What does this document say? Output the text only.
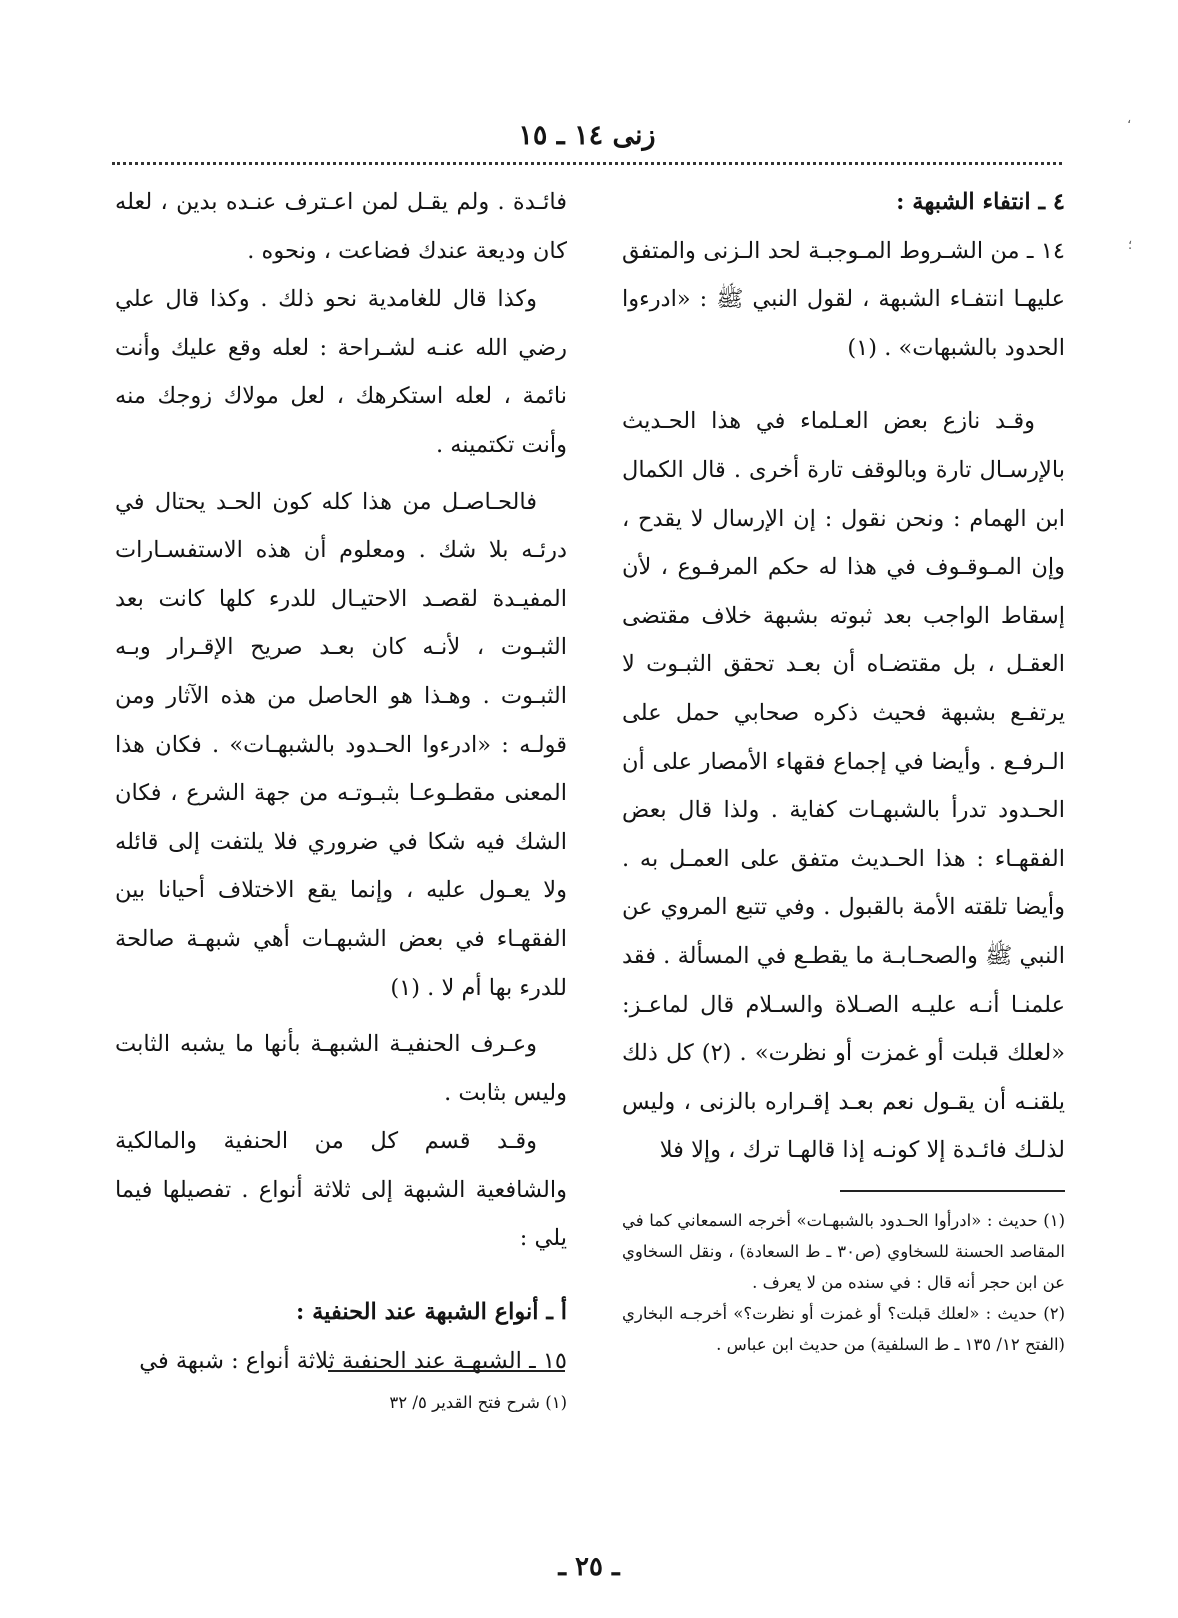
زنى ١٤ ـ ١٥
،
؛

٤ ـ انتفاء الشبهة :

١٤ ـ من الشـروط المـوجبـة لحد الـزنى والمتفق عليهـا انتفـاء الشبهة ، لقول النبي ﷺ : «ادرءوا الحدود بالشبهات» . (١)

وقـد نازع بعض العـلماء في هذا الحـديث بالإرسـال تارة وبالوقف تارة أخرى . قال الكمال ابن الهمام : ونحن نقول : إن الإرسال لا يقدح ، وإن المـوقـوف في هذا له حكم المرفـوع ، لأن إسقاط الواجب بعد ثبوته بشبهة خلاف مقتضى العقـل ، بل مقتضـاه أن بعـد تحقق الثبـوت لا يرتفـع بشبهة فحيث ذكره صحابي حمل على الـرفـع . وأيضا في إجماع فقهاء الأمصار على أن الحـدود تدرأ بالشبهـات كفاية . ولذا قال بعض الفقهـاء : هذا الحـديث متفق على العمـل به . وأيضا تلقته الأمة بالقبول . وفي تتبع المروي عن النبي ﷺ والصحـابـة ما يقطـع في المسألة . فقد علمنـا أنـه عليـه الصـلاة والسـلام قال لماعـز: «لعلك قبلت أو غمزت أو نظرت» . (٢) كل ذلك يلقنـه أن يقـول نعم بعـد إقـراره بالزنى ، وليس لذلـك فائـدة إلا كونـه إذا قالهـا ترك ، وإلا فلا

(١) حديث : «ادرأوا الحـدود بالشبهـات» أخرجه السمعاني كما في المقاصد الحسنة للسخاوي (ص٣٠ ـ ط السعادة) ، ونقل السخاوي عن ابن حجر أنه قال : في سنده من لا يعرف .

(٢) حديث : «لعلك قبلت؟ أو غمزت أو نظرت؟» أخرجـه البخاري (الفتح ١٢/ ١٣٥ ـ ط السلفية) من حديث ابن عباس .

فائـدة . ولم يقـل لمن اعـترف عنـده بدين ، لعله كان وديعة عندك فضاعت ، ونحوه .

وكذا قال للغامدية نحو ذلك . وكذا قال علي رضي الله عنـه لشـراحة : لعله وقع عليك وأنت نائمة ، لعله استكرهك ، لعل مولاك زوجك منه وأنت تكتمينه .

فالحـاصـل من هذا كله كون الحـد يحتال في درئـه بلا شك . ومعلوم أن هذه الاستفسـارات المفيـدة لقصـد الاحتيـال للدرء كلها كانت بعد الثبـوت ، لأنـه كان بعـد صريح الإقـرار وبـه الثبـوت . وهـذا هو الحاصل من هذه الآثار ومن قولـه : «ادرءوا الحـدود بالشبهـات» . فكان هذا المعنى مقطـوعـا بثبـوتـه من جهة الشرع ، فكان الشك فيه شكا في ضروري فلا يلتفت إلى قائله ولا يعـول عليه ، وإنما يقع الاختلاف أحيانا بين الفقهـاء في بعض الشبهـات أهي شبهـة صالحة للدرء بها أم لا . (١)

وعـرف الحنفيـة الشبهـة بأنها ما يشبه الثابت وليس بثابت .

وقـد قسم كل من الحنفية والمالكية والشافعية الشبهة إلى ثلاثة أنواع . تفصيلها فيما يلي :

أ ـ أنواع الشبهة عند الحنفية :

١٥ ـ الشبهـة عند الحنفية ثلاثة أنواع : شبهة في

(١) شرح فتح القدير ٥/ ٣٢

ـ ٢٥ ـ
